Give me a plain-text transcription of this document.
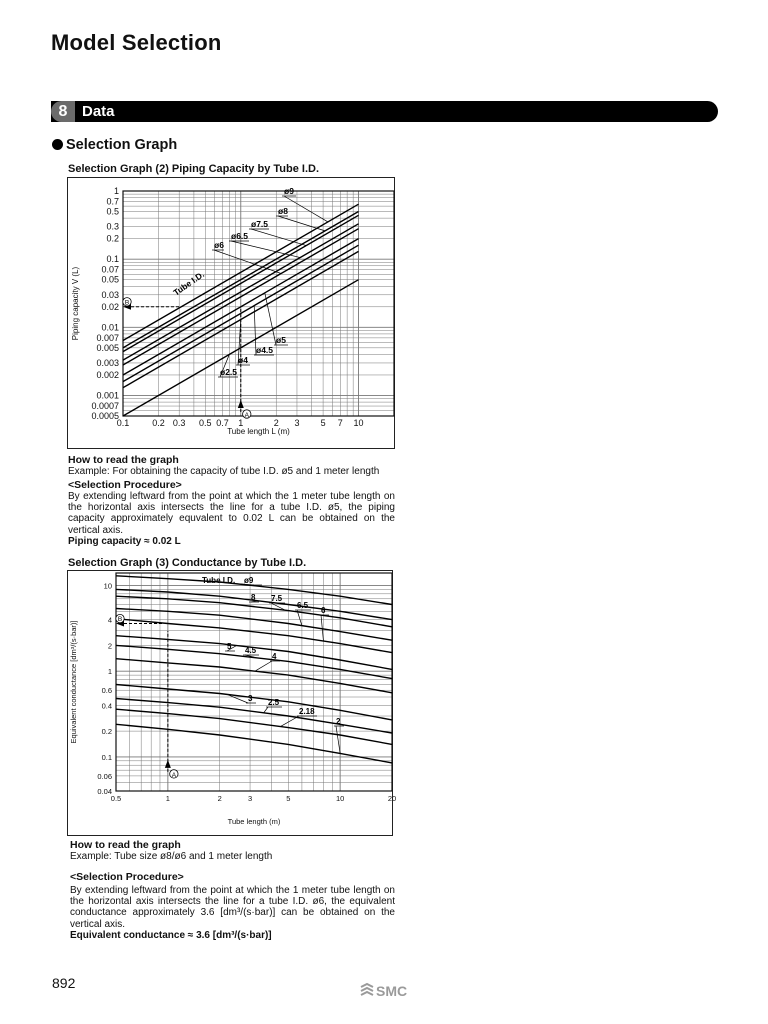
Model Selection
8 Data
Selection Graph
Selection Graph (2) Piping Capacity by Tube I.D.
0.1	0.2 0.3 0.5 0.7 1	2 3 5 7 10
1
0.7
0.5
0.3
0.2
0.1
0.07
0.05
0.03
0.02
0.01
0.007
0.005
0.003
0.002
0.001
0.0007
0.0005
Tube length L (m)
Piping capacity V (L)
ø9
ø8
ø7.5
ø6.5
ø6
ø5
ø4.5
ø4
ø2.5
A
B
Tube I.D.
How to read the graph
Example: For obtaining the capacity of tube I.D. ø5 and 1 meter length
<Selection Procedure>
By extending leftward from the point at which the 1 meter tube length on the horizontal axis intersects the line for a tube I.D. ø5, the piping capacity approximately equvalent to 0.02 L can be obtained on the vertical axis.
Piping capacity ≈ 0.02 L
Selection Graph (3) Conductance by Tube I.D.
0.5	1	2	3	5	10	20
10
4
2
1
0.6
0.4
0.2
0.1
0.06
0.04
Tube length (m)
Equivalent conductance [dm³/(s·bar)]
ø9
8 7.5
6.5
6
5 4.5
4
3 2.5
2.18
2
A
B
Tube I.D.
How to read the graph
Example: Tube size ø8/ø6 and 1 meter length
<Selection Procedure>
By extending leftward from the point at which the 1 meter tube length on the horizontal axis intersects the line for a tube I.D. ø6, the equivalent conductance approximately 3.6 [dm³/(s·bar)] can be obtained on the vertical axis.
Equivalent conductance ≈ 3.6 [dm³/(s·bar)]
892	SMC
